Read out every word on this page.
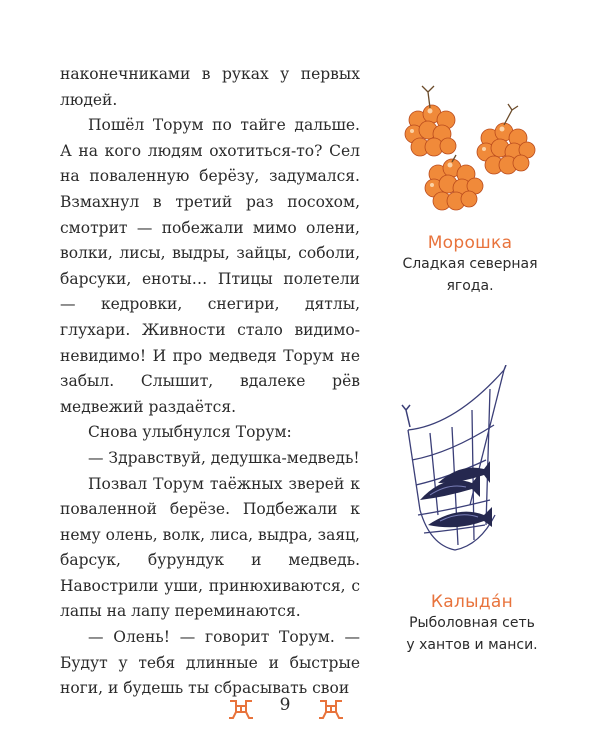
наконечниками в руках у первых людей.

Пошёл Торум по тайге дальше. А на кого людям охотиться-то? Сел на поваленную берёзу, задумался. Взмахнул в третий раз посохом, смотрит — побежали мимо олени, волки, лисы, выдры, зайцы, соболи, барсуки, еноты… Птицы полетели — кедровки, снегири, дятлы, глухари. Живности стало видимо-невидимо! И про медведя Торум не забыл. Слышит, вдалеке рёв медвежий раздаётся.

Снова улыбнулся Торум:

— Здравствуй, дедушка-медведь!

Позвал Торум таёжных зверей к поваленной берёзе. Подбежали к нему олень, волк, лиса, выдра, заяц, барсук, бурундук и медведь. Навострили уши, принюхиваются, с лапы на лапу переминаются.

— Олень! — говорит Торум. — Будут у тебя длинные и быстрые ноги, и будешь ты сбрасывать свои

Морошка
Сладкая северная
ягода.
Калыда́н
Рыболовная сеть
у хантов и манси.
9
